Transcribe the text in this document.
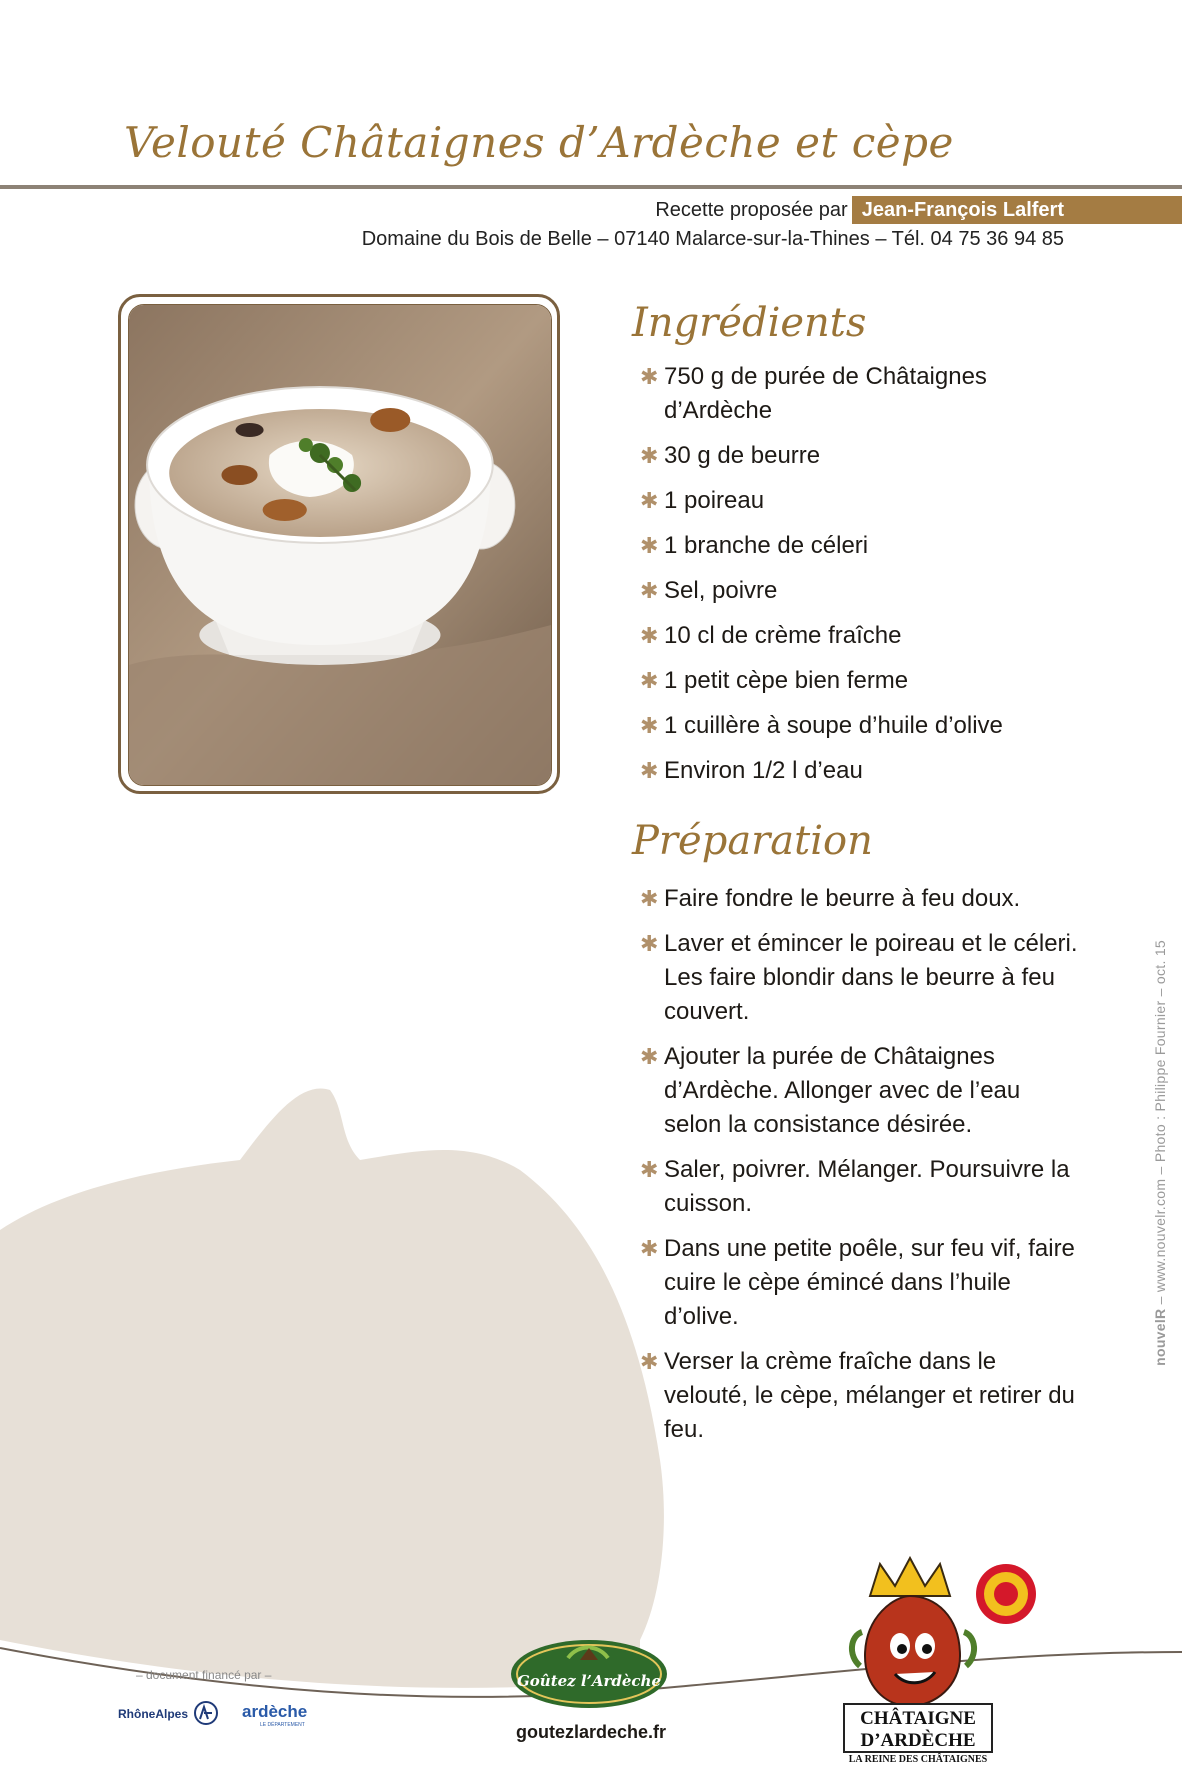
Velouté Châtaignes d’Ardèche et cèpe
Recette proposée par Jean-François Lalfert
Domaine du Bois de Belle – 07140 Malarce-sur-la-Thines – Tél. 04 75 36 94 85
Ingrédients
✱ 750 g de purée de Châtaignes d’Ardèche
✱ 30 g de beurre
✱ 1 poireau
✱ 1 branche de céleri
✱ Sel, poivre
✱ 10 cl de crème fraîche
✱ 1 petit cèpe bien ferme
✱ 1 cuillère à soupe d’huile d’olive
✱ Environ 1/2 l d’eau
Préparation
✱ Faire fondre le beurre à feu doux.
✱ Laver et émincer le poireau et le céleri. Les faire blondir dans le beurre à feu couvert.
✱ Ajouter la purée de Châtaignes d’Ardèche. Allonger avec de l’eau selon la consistance désirée.
✱ Saler, poivrer. Mélanger. Poursuivre la cuisson.
✱ Dans une petite poêle, sur feu vif, faire cuire le cèpe émincé dans l’huile d’olive.
✱ Verser la crème fraîche dans le velouté, le cèpe, mélanger et retirer du feu.
nouvelR – www.nouvelr.com – Photo : Philippe Fournier – oct. 15
– document financé par –
RhôneAlpes	ardèche
LE DÉPARTEMENT
Goûtez l’Ardèche
goutezlardeche.fr
CHÂTAIGNE
D’ARDÈCHE
LA REINE DES CHÂTAIGNES
